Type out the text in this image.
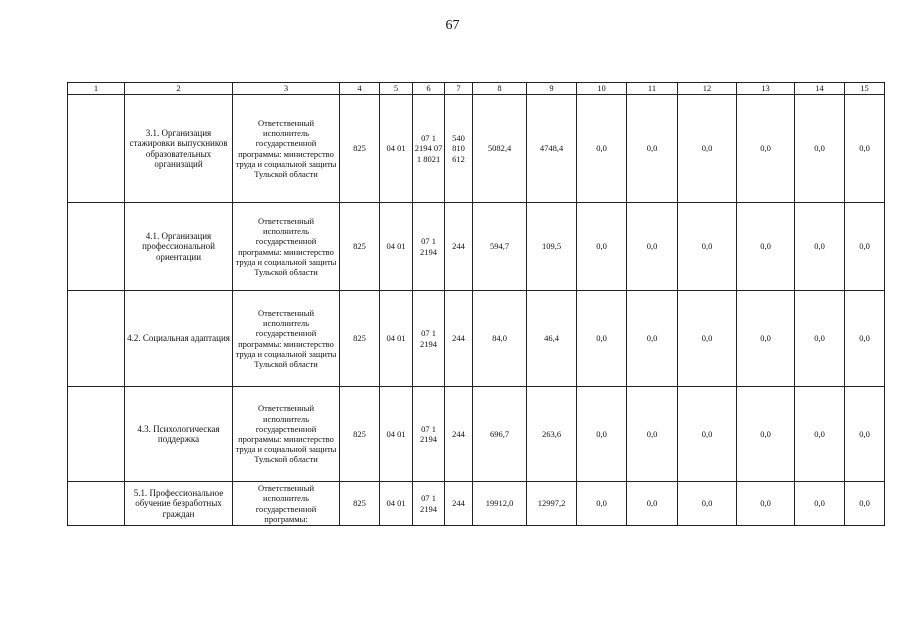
67
1	2	3	4	5	6	7	8	9	10	11	12	13	14	15
	3.1. Организация стажировки выпускников образовательных организаций	Ответственный исполнитель государственной программы: министерство труда и социальной защиты Тульской области	825	04 01	07 1 2194 07 1 8021	540 810 612	5082,4	4748,4	0,0	0,0	0,0	0,0	0,0	0,0
	4.1. Организация профессиональной ориентации	Ответственный исполнитель государственной программы: министерство труда и социальной защиты Тульской области	825	04 01	07 1 2194	244	594,7	109,5	0,0	0,0	0,0	0,0	0,0	0,0
	4.2. Социальная адаптация	Ответственный исполнитель государственной программы: министерство труда и социальной защиты Тульской области	825	04 01	07 1 2194	244	84,0	46,4	0,0	0,0	0,0	0,0	0,0	0,0
	4.3. Психологическая поддержка	Ответственный исполнитель государственной программы: министерство труда и социальной защиты Тульской области	825	04 01	07 1 2194	244	696,7	263,6	0,0	0,0	0,0	0,0	0,0	0,0
	5.1. Профессиональное обучение безработных граждан	Ответственный исполнитель государственной программы:	825	04 01	07 1 2194	244	19912,0	12997,2	0,0	0,0	0,0	0,0	0,0	0,0
